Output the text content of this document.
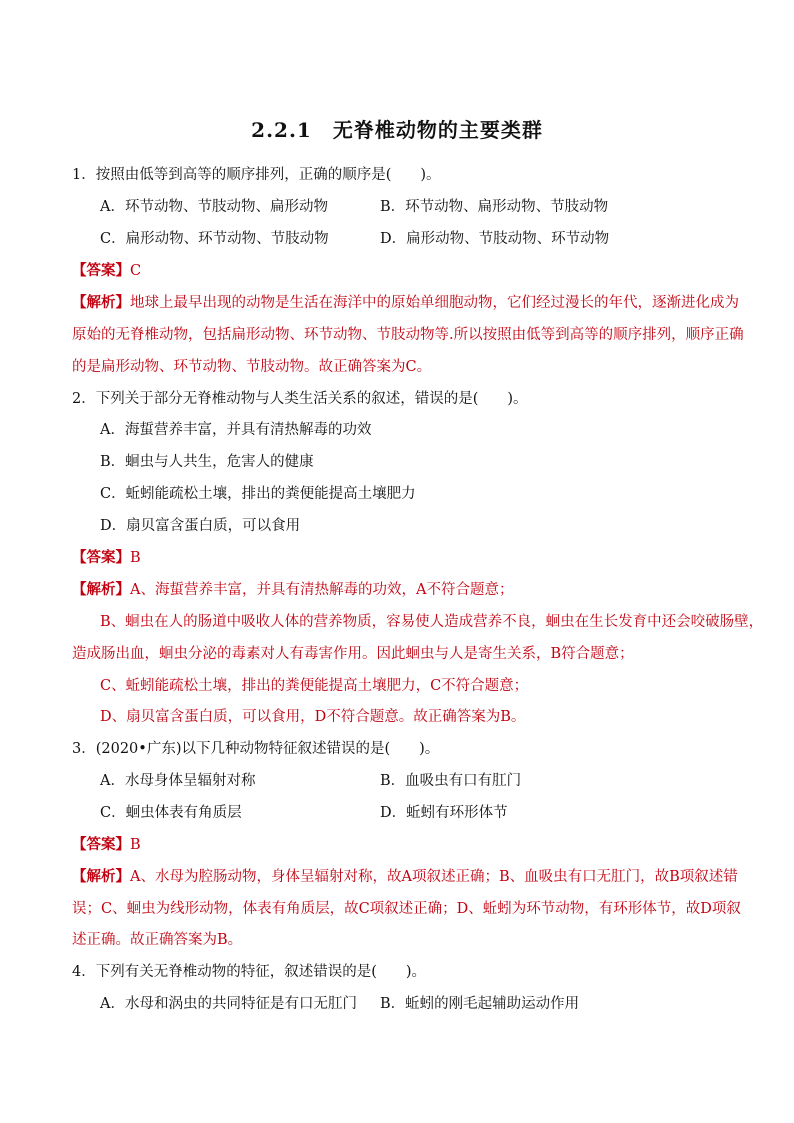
2.2.1　无脊椎动物的主要类群
1．按照由低等到高等的顺序排列，正确的顺序是(　　)。
A．环节动物、节肢动物、扁形动物	B．环节动物、扁形动物、节肢动物
C．扁形动物、环节动物、节肢动物	D．扁形动物、节肢动物、环节动物
【答案】C
【解析】地球上最早出现的动物是生活在海洋中的原始单细胞动物，它们经过漫长的年代，逐渐进化成为
原始的无脊椎动物，包括扁形动物、环节动物、节肢动物等.所以按照由低等到高等的顺序排列，顺序正确
的是扁形动物、环节动物、节肢动物。故正确答案为C。
2．下列关于部分无脊椎动物与人类生活关系的叙述，错误的是(　　)。
A．海蜇营养丰富，并具有清热解毒的功效
B．蛔虫与人共生，危害人的健康
C．蚯蚓能疏松土壤，排出的粪便能提高土壤肥力
D．扇贝富含蛋白质，可以食用
【答案】B
【解析】A、海蜇营养丰富，并具有清热解毒的功效，A不符合题意；
B、蛔虫在人的肠道中吸收人体的营养物质，容易使人造成营养不良，蛔虫在生长发育中还会咬破肠壁，
造成肠出血，蛔虫分泌的毒素对人有毒害作用。因此蛔虫与人是寄生关系，B符合题意；
C、蚯蚓能疏松土壤，排出的粪便能提高土壤肥力，C不符合题意；
D、扇贝富含蛋白质，可以食用，D不符合题意。故正确答案为B。
3．(2020•广东)以下几种动物特征叙述错误的是(　　)。
A．水母身体呈辐射对称	B．血吸虫有口有肛门
C．蛔虫体表有角质层	D．蚯蚓有环形体节
【答案】B
【解析】A、水母为腔肠动物，身体呈辐射对称，故A项叙述正确；B、血吸虫有口无肛门，故B项叙述错
误；C、蛔虫为线形动物，体表有角质层，故C项叙述正确；D、蚯蚓为环节动物，有环形体节，故D项叙
述正确。故正确答案为B。
4．下列有关无脊椎动物的特征，叙述错误的是(　　)。
A．水母和涡虫的共同特征是有口无肛门	B．蚯蚓的刚毛起辅助运动作用
